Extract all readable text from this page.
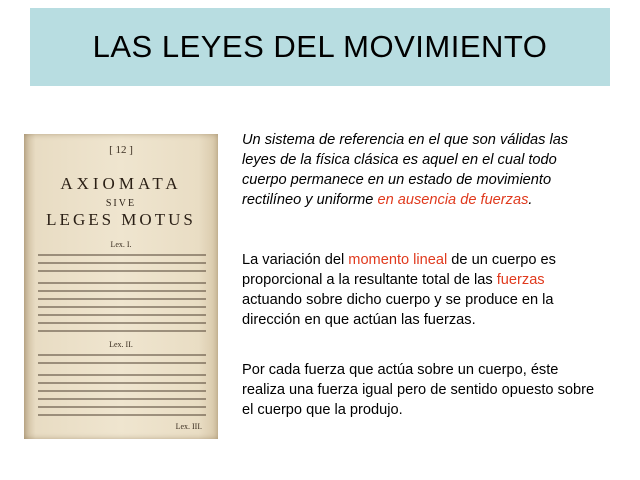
LAS LEYES DEL MOVIMIENTO
[ 12 ]
AXIOMATA
SIVE
LEGES MOTUS
Lex. I.
Lex. II.
Lex. III.

Un sistema de referencia en el que son válidas las leyes de la física clásica es aquel en el cual todo cuerpo permanece en un estado de movimiento rectilíneo y uniforme en ausencia de fuerzas.

La variación del momento lineal de un cuerpo es proporcional a la resultante total de las fuerzas actuando sobre dicho cuerpo y se produce en la dirección en que actúan las fuerzas.

Por cada fuerza que actúa sobre un cuerpo, éste realiza una fuerza igual pero de sentido opuesto sobre el cuerpo que la produjo.
